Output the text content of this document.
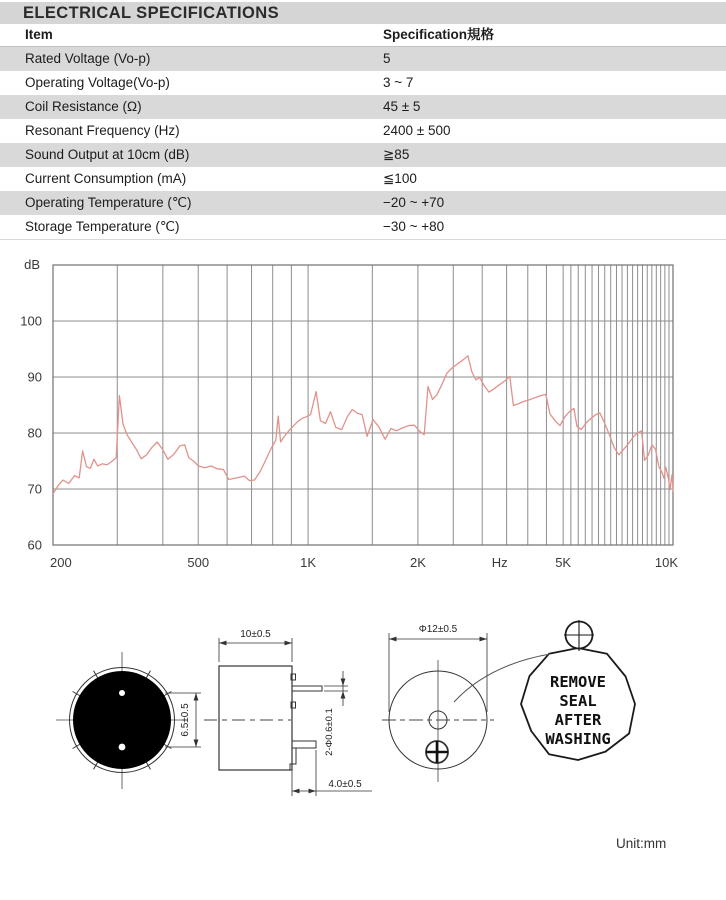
ELECTRICAL SPECIFICATIONS
Item	Specification規格
Rated Voltage (Vo-p)	5
Operating Voltage(Vo-p)	3 ~ 7
Coil Resistance (Ω)	45 ± 5
Resonant Frequency (Hz)	2400 ± 500
Sound Output at 10cm (dB)	≧85
Current Consumption (mA)	≦100
Operating Temperature (℃)	−20 ~ +70
Storage Temperature (℃)	−30 ~ +80
dB
100
90
80
70
60
200	500	1K	2K	Hz	5K	10K
6.5±0.5
10±0.5
2-Φ0.6±0.1
4.0±0.5
Φ12±0.5
REMOVE
SEAL
AFTER
WASHING
Unit:mm
